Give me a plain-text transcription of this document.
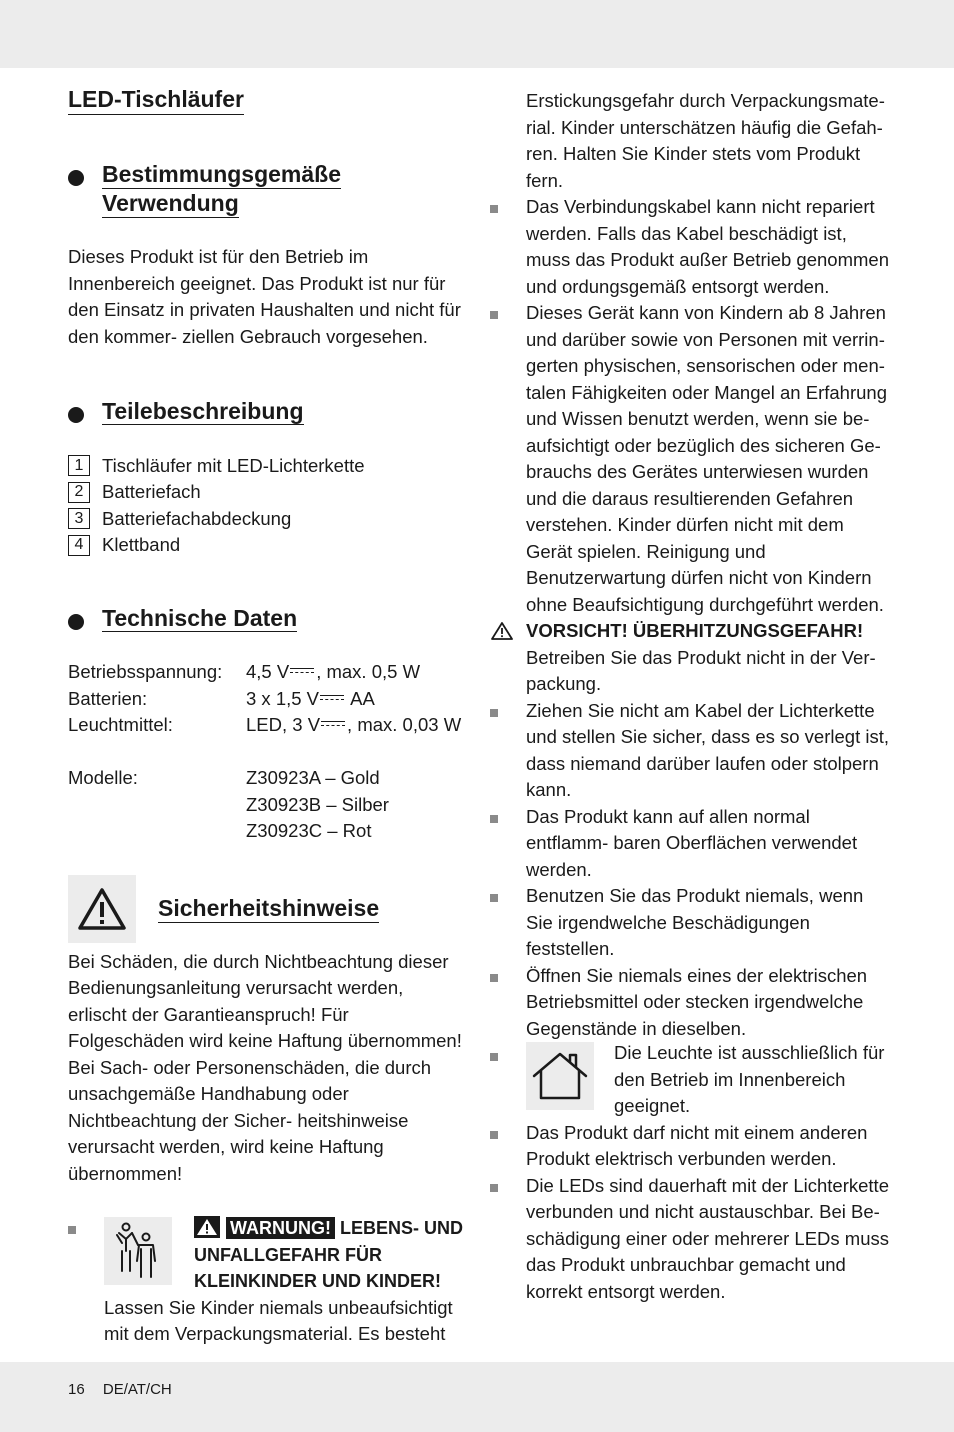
LED-Tischläufer
Bestimmungsgemäße
Verwendung

Dieses Produkt ist für den Betrieb im Innenbereich geeignet. Das Produkt ist nur für den Einsatz in privaten Haushalten und nicht für den kommer- ziellen Gebrauch vorgesehen.

Teilebeschreibung
1	Tischläufer mit LED-Lichterkette
2	Batteriefach
3	Batteriefachabdeckung
4	Klettband
Technische Daten
Betriebsspannung:	4,5 V , max. 0,5 W
Batterien:	3 x 1,5 V AA
Leuchtmittel:	LED, 3 V , max. 0,03 W
Modelle:	Z30923A – Gold
Z30923B – Silber
Z30923C – Rot
Sicherheitshinweise

Bei Schäden, die durch Nichtbeachtung dieser Bedienungsanleitung verursacht werden, erlischt der Garantieanspruch! Für Folgeschäden wird keine Haftung übernommen! Bei Sach- oder Personenschäden, die durch unsachgemäße Handhabung oder Nichtbeachtung der Sicher- heitshinweise verursacht werden, wird keine Haftung übernommen!

WARNUNG! LEBENS- UND UNFALLGEFAHR FÜR KLEINKINDER UND KINDER!

Lassen Sie Kinder niemals unbeaufsichtigt mit dem Verpackungsmaterial. Es besteht

Erstickungsgefahr durch Verpackungsmate- rial. Kinder unterschätzen häufig die Gefah- ren. Halten Sie Kinder stets vom Produkt fern.

Das Verbindungskabel kann nicht repariert werden. Falls das Kabel beschädigt ist, muss das Produkt außer Betrieb genommen und ordungsgemäß entsorgt werden.

Dieses Gerät kann von Kindern ab 8 Jahren und darüber sowie von Personen mit verrin- gerten physischen, sensorischen oder men- talen Fähigkeiten oder Mangel an Erfahrung und Wissen benutzt werden, wenn sie be- aufsichtigt oder bezüglich des sicheren Ge- brauchs des Gerätes unterwiesen wurden und die daraus resultierenden Gefahren verstehen. Kinder dürfen nicht mit dem Gerät spielen. Reinigung und Benutzerwartung dürfen nicht von Kindern ohne Beaufsichtigung durchgeführt werden.

VORSICHT! ÜBERHITZUNGSGEFAHR!

Betreiben Sie das Produkt nicht in der Ver- packung.

Ziehen Sie nicht am Kabel der Lichterkette und stellen Sie sicher, dass es so verlegt ist, dass niemand darüber laufen oder stolpern kann.

Das Produkt kann auf allen normal entflamm- baren Oberflächen verwendet werden.

Benutzen Sie das Produkt niemals, wenn Sie irgendwelche Beschädigungen feststellen.

Öffnen Sie niemals eines der elektrischen Betriebsmittel oder stecken irgendwelche Gegenstände in dieselben.

Die Leuchte ist ausschließlich für den Betrieb im Innenbereich geeignet.

Das Produkt darf nicht mit einem anderen Produkt elektrisch verbunden werden.

Die LEDs sind dauerhaft mit der Lichterkette verbunden und nicht austauschbar. Bei Be- schädigung einer oder mehrerer LEDs muss das Produkt unbrauchbar gemacht und korrekt entsorgt werden.

16 DE/AT/CH
